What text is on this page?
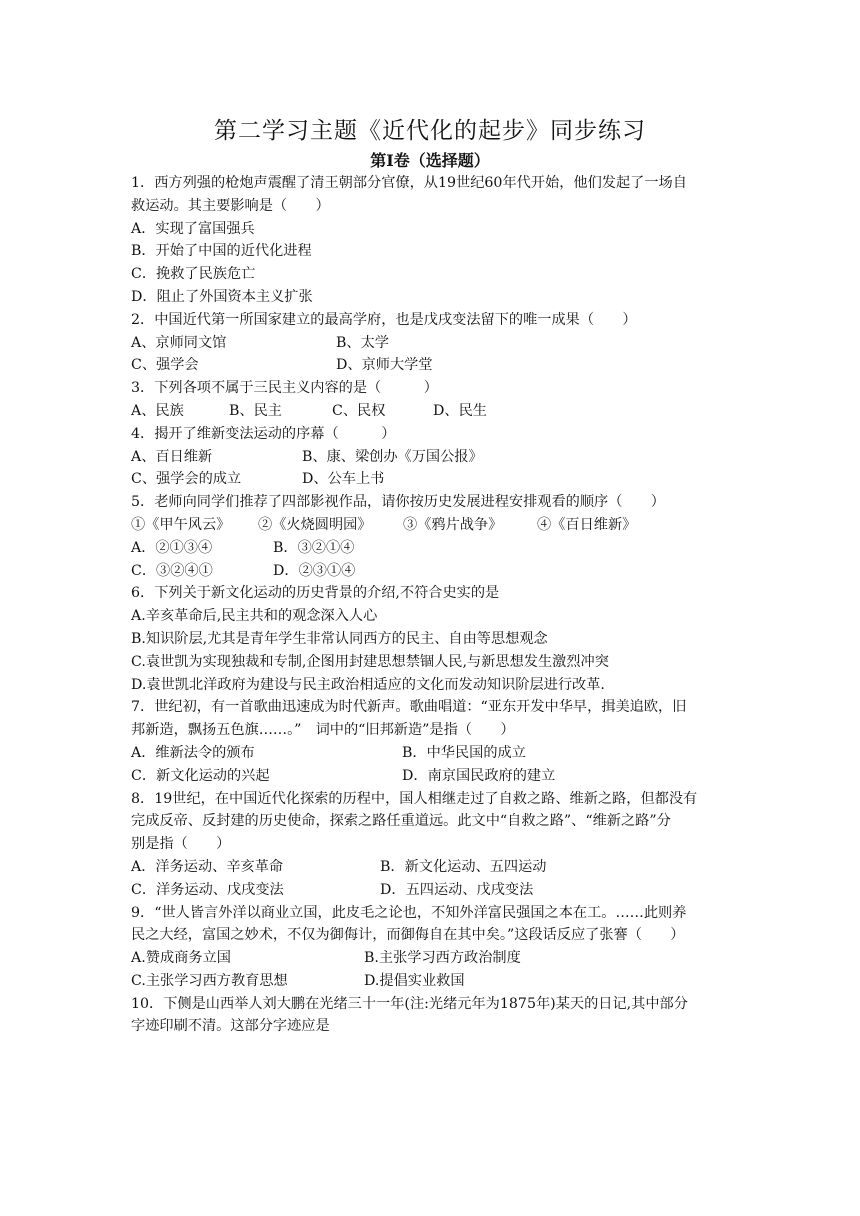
第二学习主题《近代化的起步》同步练习
第Ⅰ卷（选择题）
1．西方列强的枪炮声震醒了清王朝部分官僚，从19世纪60年代开始，他们发起了一场自
救运动。其主要影响是（　　）
A．实现了富国强兵
B．开始了中国的近代化进程
C．挽救了民族危亡
D．阻止了外国资本主义扩张
2．中国近代第一所国家建立的最高学府，也是戊戌变法留下的唯一成果（　　）
A、京师同文馆	B、太学
C、强学会	D、京师大学堂
3．下列各项不属于三民主义内容的是（　　　）
A、民族	B、民主	C、民权	D、民生
4．揭开了维新变法运动的序幕（　　　）
A、百日维新	B、康、梁创办《万国公报》
C、强学会的成立	D、公车上书
5．老师向同学们推荐了四部影视作品，请你按历史发展进程安排观看的顺序（　　）
①《甲午风云》	②《火烧圆明园》	③《鸦片战争》	④《百日维新》
A．②①③④	B．③②①④
C．③②④①	D．②③①④
6．下列关于新文化运动的历史背景的介绍,不符合史实的是
A.辛亥革命后,民主共和的观念深入人心
B.知识阶层,尤其是青年学生非常认同西方的民主、自由等思想观念
C.袁世凯为实现独裁和专制,企图用封建思想禁锢人民,与新思想发生激烈冲突
D.袁世凯北洋政府为建设与民主政治相适应的文化而发动知识阶层进行改革.
7．世纪初，有一首歌曲迅速成为时代新声。歌曲唱道：“亚东开发中华早，揖美追欧，旧
邦新造，飘扬五色旗……。”　词中的“旧邦新造”是指（　　）
A．维新法令的颁布	B．中华民国的成立
C．新文化运动的兴起	D．南京国民政府的建立
8．19世纪，在中国近代化探索的历程中，国人相继走过了自救之路、维新之路，但都没有
完成反帝、反封建的历史使命，探索之路任重道远。此文中“自救之路”、“维新之路”分
别是指（　　）
A．洋务运动、辛亥革命	B．新文化运动、五四运动
C．洋务运动、戊戌变法	D．五四运动、戊戌变法
9．“世人皆言外洋以商业立国，此皮毛之论也，不知外洋富民强国之本在工。……此则养
民之大经，富国之妙术，不仅为御侮计，而御侮自在其中矣。”这段话反应了张謇（　　）
A.赞成商务立国	B.主张学习西方政治制度
C.主张学习西方教育思想	D.提倡实业救国
10．下侧是山西举人刘大鹏在光绪三十一年(注:光绪元年为1875年)某天的日记,其中部分
字迹印刷不清。这部分字迹应是
